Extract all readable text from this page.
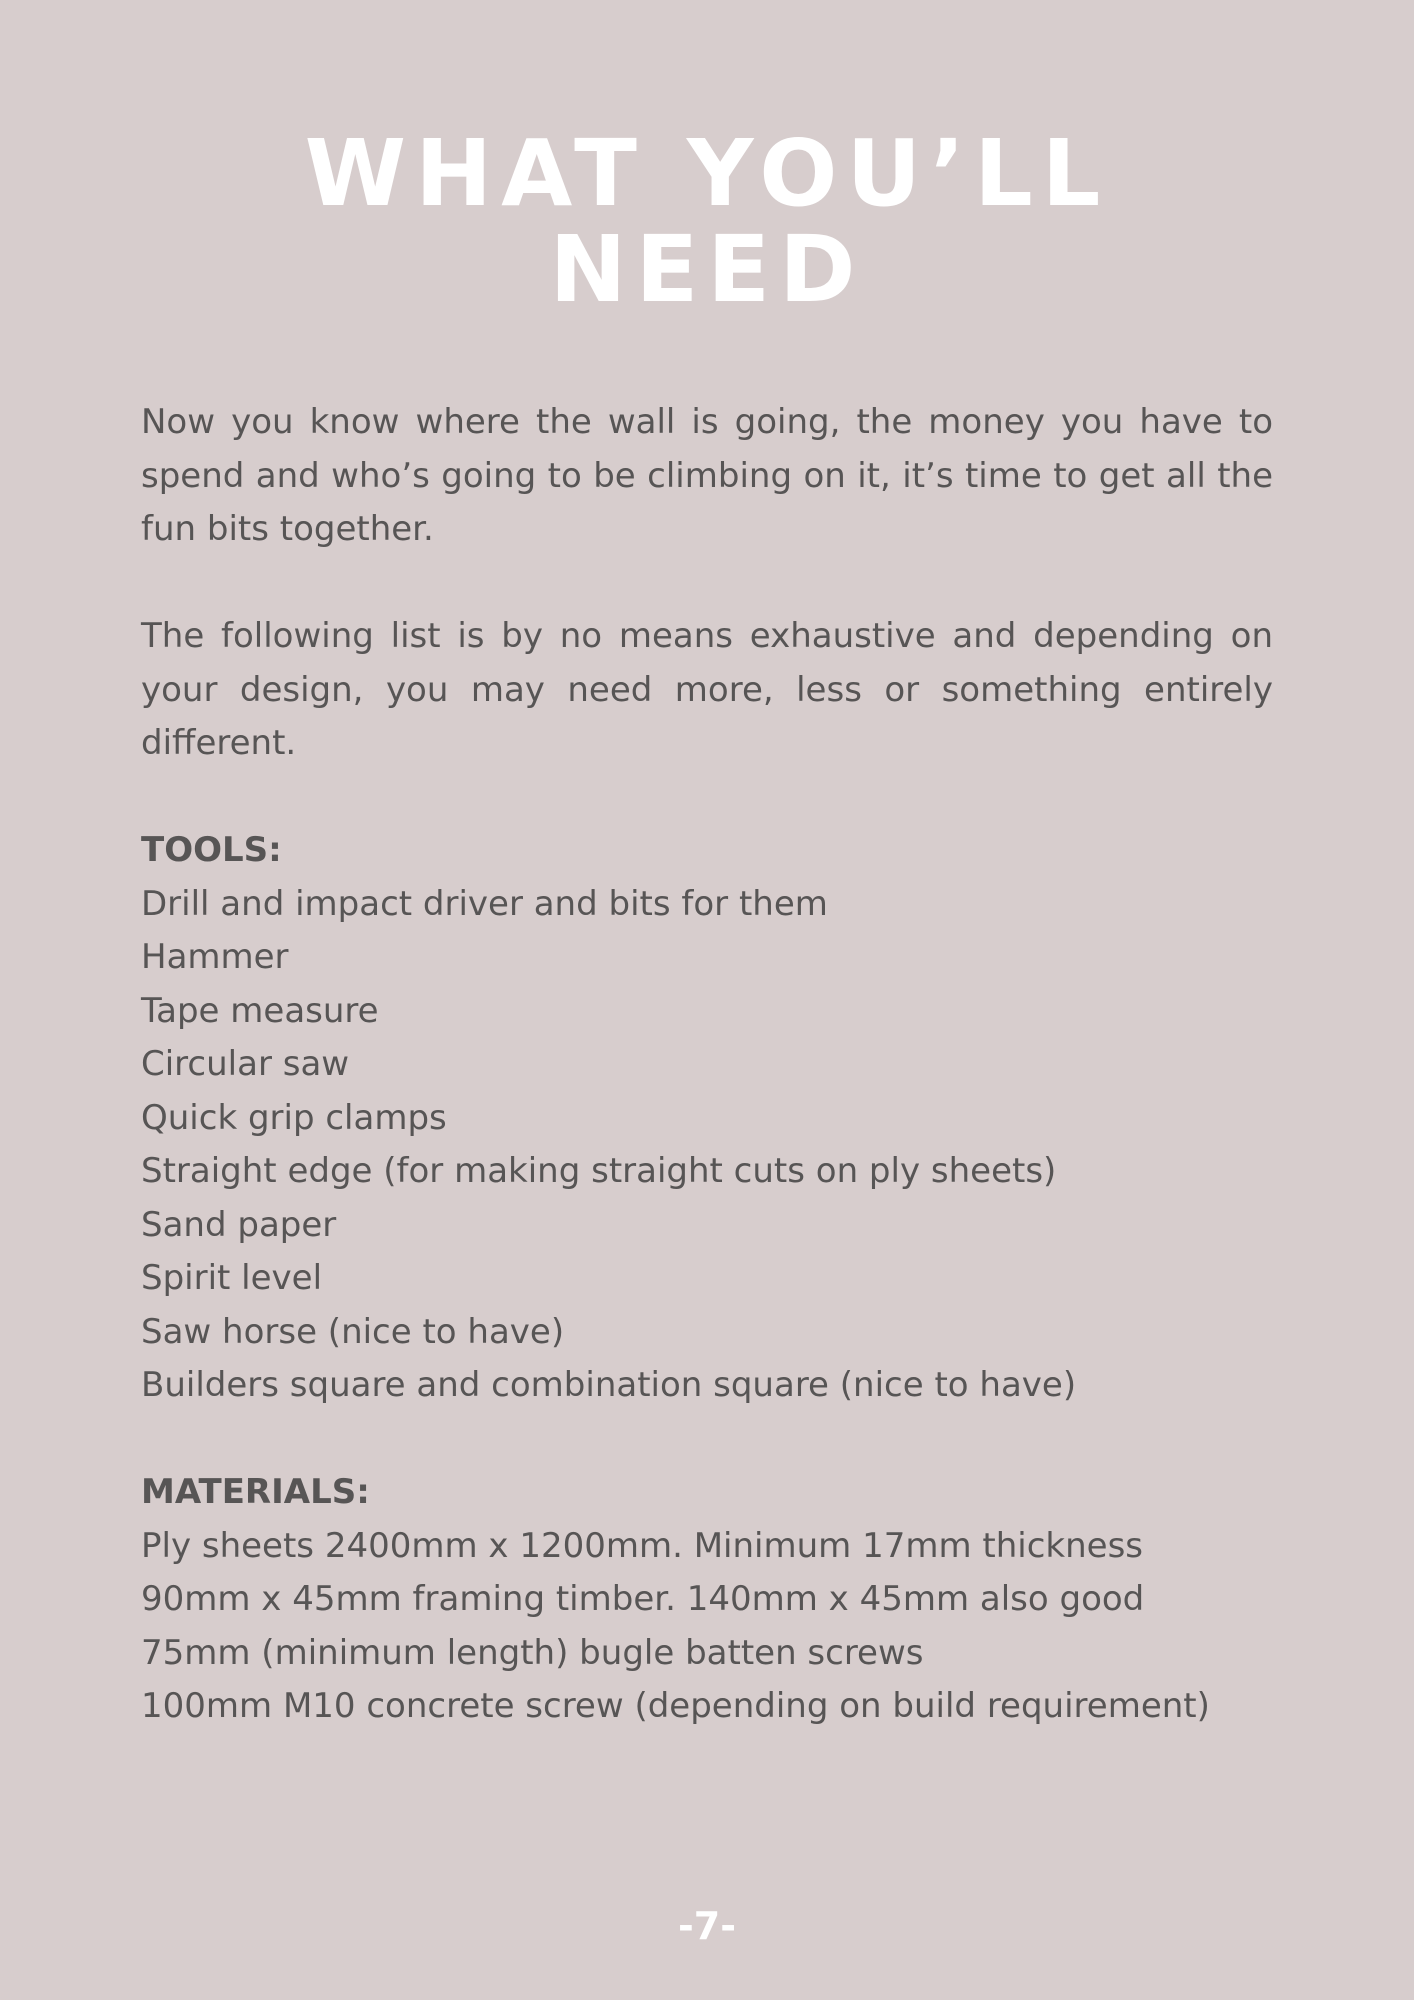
WHAT YOU’LL
NEED

Now you know where the wall is going, the money you have to spend and who’s going to be climbing on it, it’s time to get all the fun bits together.

The following list is by no means exhaustive and depending on your design, you may need more, less or something entirely different.

TOOLS:

Drill and impact driver and bits for them
Hammer
Tape measure
Circular saw
Quick grip clamps
Straight edge (for making straight cuts on ply sheets)
Sand paper
Spirit level
Saw horse (nice to have)
Builders square and combination square (nice to have)

MATERIALS:

Ply sheets 2400mm x 1200mm. Minimum 17mm thickness
90mm x 45mm framing timber. 140mm x 45mm also good
75mm (minimum length) bugle batten screws
100mm M10 concrete screw (depending on build requirement)
-7-
